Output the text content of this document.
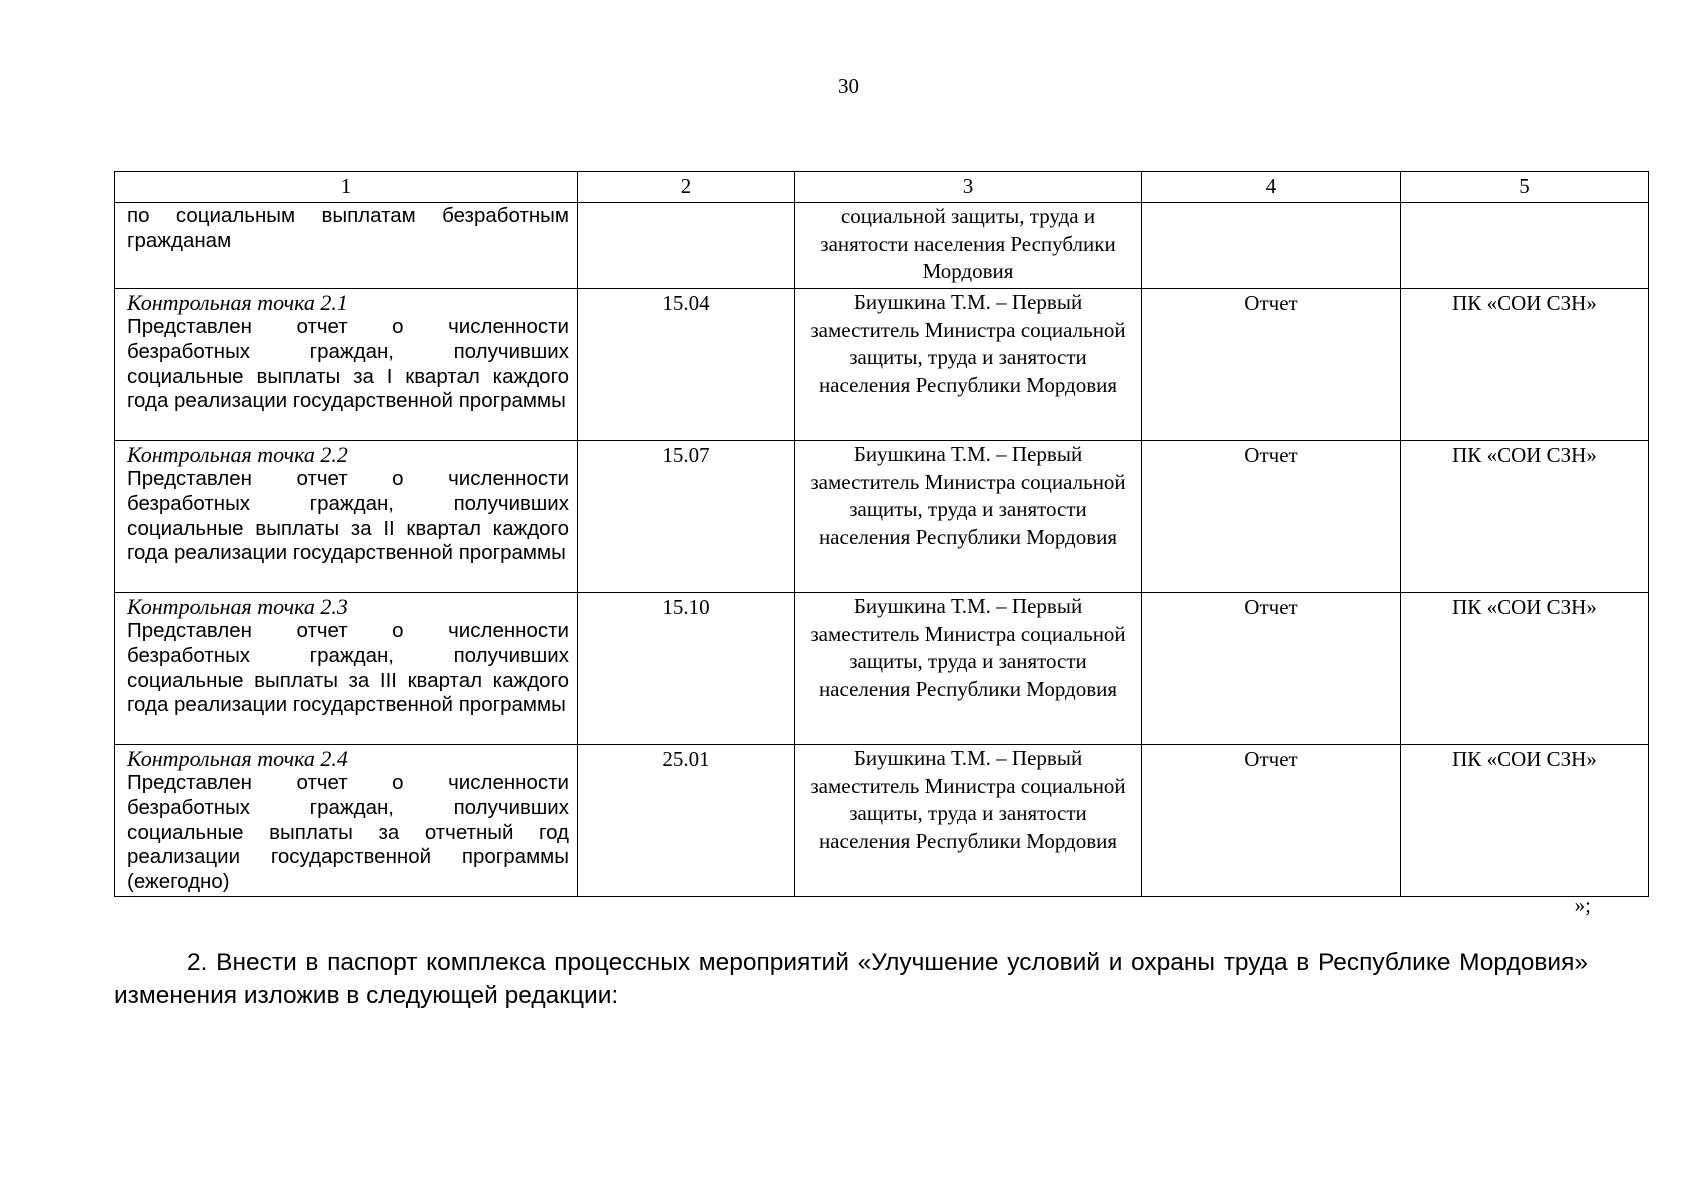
30
1	2	3	4	5

по социальным выплатам безработным гражданам		социальной защиты, труда и занятости населения Республики Мордовия		

Контрольная точка 2.1
Представлен отчет о численности безработных граждан, получивших социальные выплаты за I квартал каждого года реализации государственной программы	15.04	Биушкина Т.М. – Первый заместитель Министра социальной защиты, труда и занятости населения Республики Мордовия	Отчет	ПК «СОИ СЗН»

Контрольная точка 2.2
Представлен отчет о численности безработных граждан, получивших социальные выплаты за II квартал каждого года реализации государственной программы	15.07	Биушкина Т.М. – Первый заместитель Министра социальной защиты, труда и занятости населения Республики Мордовия	Отчет	ПК «СОИ СЗН»

Контрольная точка 2.3
Представлен отчет о численности безработных граждан, получивших социальные выплаты за III квартал каждого года реализации государственной программы	15.10	Биушкина Т.М. – Первый заместитель Министра социальной защиты, труда и занятости населения Республики Мордовия	Отчет	ПК «СОИ СЗН»

Контрольная точка 2.4
Представлен отчет о численности безработных граждан, получивших социальные выплаты за отчетный год реализации государственной программы (ежегодно)	25.01	Биушкина Т.М. – Первый заместитель Министра социальной защиты, труда и занятости населения Республики Мордовия	Отчет	ПК «СОИ СЗН»
»;
2. Внести в паспорт комплекса процессных мероприятий «Улучшение условий и охраны труда в Республике Мордовия» изменения изложив в следующей редакции:
